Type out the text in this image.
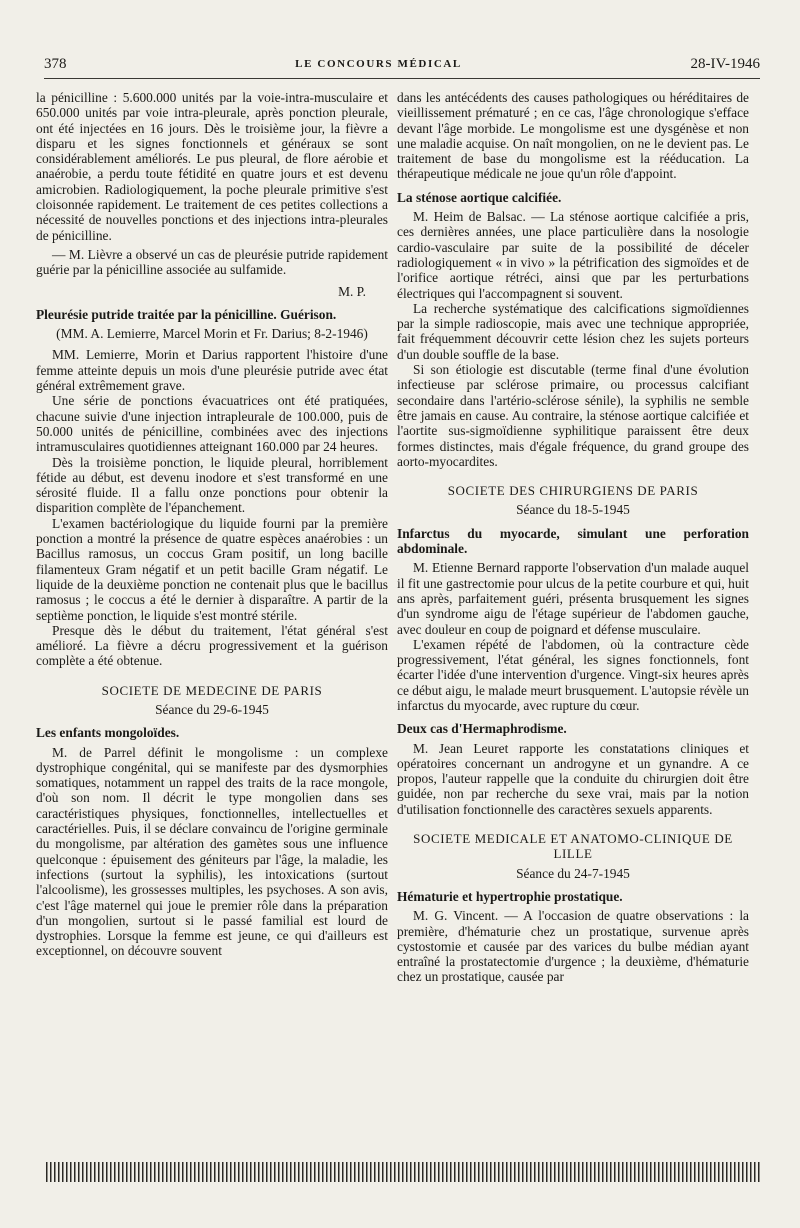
378	LE CONCOURS MÉDICAL	28-IV-1946

la pénicilline : 5.600.000 unités par la voie-intra-musculaire et 650.000 unités par voie intra-pleurale, après ponction pleurale, ont été injectées en 16 jours. Dès le troisième jour, la fièvre a disparu et les signes fonctionnels et généraux se sont considérablement améliorés. Le pus pleural, de flore aérobie et anaérobie, a perdu toute fétidité en quatre jours et est devenu amicrobien. Radiologiquement, la poche pleurale primitive s'est cloisonnée rapidement. Le traitement de ces petites collections a nécessité de nouvelles ponctions et des injections intra-pleurales de pénicilline.

— M. Lièvre a observé un cas de pleurésie putride rapidement guérie par la pénicilline associée au sulfamide.

M. P.
Pleurésie putride traitée par la pénicilline. Guérison.
(MM. A. Lemierre, Marcel Morin et Fr. Darius; 8-2-1946)

MM. Lemierre, Morin et Darius rapportent l'histoire d'une femme atteinte depuis un mois d'une pleurésie putride avec état général extrêmement grave.

Une série de ponctions évacuatrices ont été pratiquées, chacune suivie d'une injection intrapleurale de 100.000, puis de 50.000 unités de pénicilline, combinées avec des injections intramusculaires quotidiennes atteignant 160.000 par 24 heures.

Dès la troisième ponction, le liquide pleural, horriblement fétide au début, est devenu inodore et s'est transformé en une sérosité fluide. Il a fallu onze ponctions pour obtenir la disparition complète de l'épanchement.

L'examen bactériologique du liquide fourni par la première ponction a montré la présence de quatre espèces anaérobies : un Bacillus ramosus, un coccus Gram positif, un long bacille filamenteux Gram négatif et un petit bacille Gram négatif. Le liquide de la deuxième ponction ne contenait plus que le bacillus ramosus ; le coccus a été le dernier à disparaître. A partir de la septième ponction, le liquide s'est montré stérile.

Presque dès le début du traitement, l'état général s'est amélioré. La fièvre a décru progressivement et la guérison complète a été obtenue.

SOCIETE DE MEDECINE DE PARIS
Séance du 29-6-1945
Les enfants mongoloïdes.

M. de Parrel définit le mongolisme : un complexe dystrophique congénital, qui se manifeste par des dysmorphies somatiques, notamment un rappel des traits de la race mongole, d'où son nom. Il décrit le type mongolien dans ses caractéristiques physiques, fonctionnelles, intellectuelles et caractérielles. Puis, il se déclare convaincu de l'origine germinale du mongolisme, par altération des gamètes sous une influence quelconque : épuisement des géniteurs par l'âge, la maladie, les infections (surtout la syphilis), les intoxications (surtout l'alcoolisme), les grossesses multiples, les psychoses. A son avis, c'est l'âge maternel qui joue le premier rôle dans la préparation d'un mongolien, surtout si le passé familial est lourd de dystrophies. Lorsque la femme est jeune, ce qui d'ailleurs est exceptionnel, on découvre souvent

dans les antécédents des causes pathologiques ou héréditaires de vieillissement prématuré ; en ce cas, l'âge chronologique s'efface devant l'âge morbide. Le mongolisme est une dysgénèse et non une maladie acquise. On naît mongolien, on ne le devient pas. Le traitement de base du mongolisme est la rééducation. La thérapeutique médicale ne joue qu'un rôle d'appoint.

La sténose aortique calcifiée.

M. Heim de Balsac. — La sténose aortique calcifiée a pris, ces dernières années, une place particulière dans la nosologie cardio-vasculaire par suite de la possibilité de déceler radiologiquement « in vivo » la pétrification des sigmoïdes et de l'orifice aortique rétréci, ainsi que par les perturbations électriques qui l'accompagnent si souvent.

La recherche systématique des calcifications sigmoïdiennes par la simple radioscopie, mais avec une technique appropriée, fait fréquemment découvrir cette lésion chez les sujets porteurs d'un double souffle de la base.

Si son étiologie est discutable (terme final d'une évolution infectieuse par sclérose primaire, ou processus calcifiant secondaire dans l'artério-sclérose sénile), la syphilis ne semble être jamais en cause. Au contraire, la sténose aortique calcifiée et l'aortite sus-sigmoïdienne syphilitique paraissent être deux formes distinctes, mais d'égale fréquence, du grand groupe des aorto-myocardites.

SOCIETE DES CHIRURGIENS DE PARIS
Séance du 18-5-1945
Infarctus du myocarde, simulant une perforation abdominale.

M. Etienne Bernard rapporte l'observation d'un malade auquel il fit une gastrectomie pour ulcus de la petite courbure et qui, huit ans après, parfaitement guéri, présenta brusquement les signes d'un syndrome aigu de l'étage supérieur de l'abdomen gauche, avec douleur en coup de poignard et défense musculaire.

L'examen répété de l'abdomen, où la contracture cède progressivement, l'état général, les signes fonctionnels, font écarter l'idée d'une intervention d'urgence. Vingt-six heures après ce début aigu, le malade meurt brusquement. L'autopsie révèle un infarctus du myocarde, avec rupture du cœur.

Deux cas d'Hermaphrodisme.

M. Jean Leuret rapporte les constatations cliniques et opératoires concernant un androgyne et un gynandre. A ce propos, l'auteur rappelle que la conduite du chirurgien doit être guidée, non par recherche du sexe vrai, mais par la notion d'utilisation fonctionnelle des caractères sexuels apparents.

SOCIETE MEDICALE ET ANATOMO-CLINIQUE DE LILLE
Séance du 24-7-1945
Hématurie et hypertrophie prostatique.

M. G. Vincent. — A l'occasion de quatre observations : la première, d'hématurie chez un prostatique, survenue après cystostomie et causée par des varices du bulbe médian ayant entraîné la prostatectomie d'urgence ; la deuxième, d'hématurie chez un prostatique, causée par
